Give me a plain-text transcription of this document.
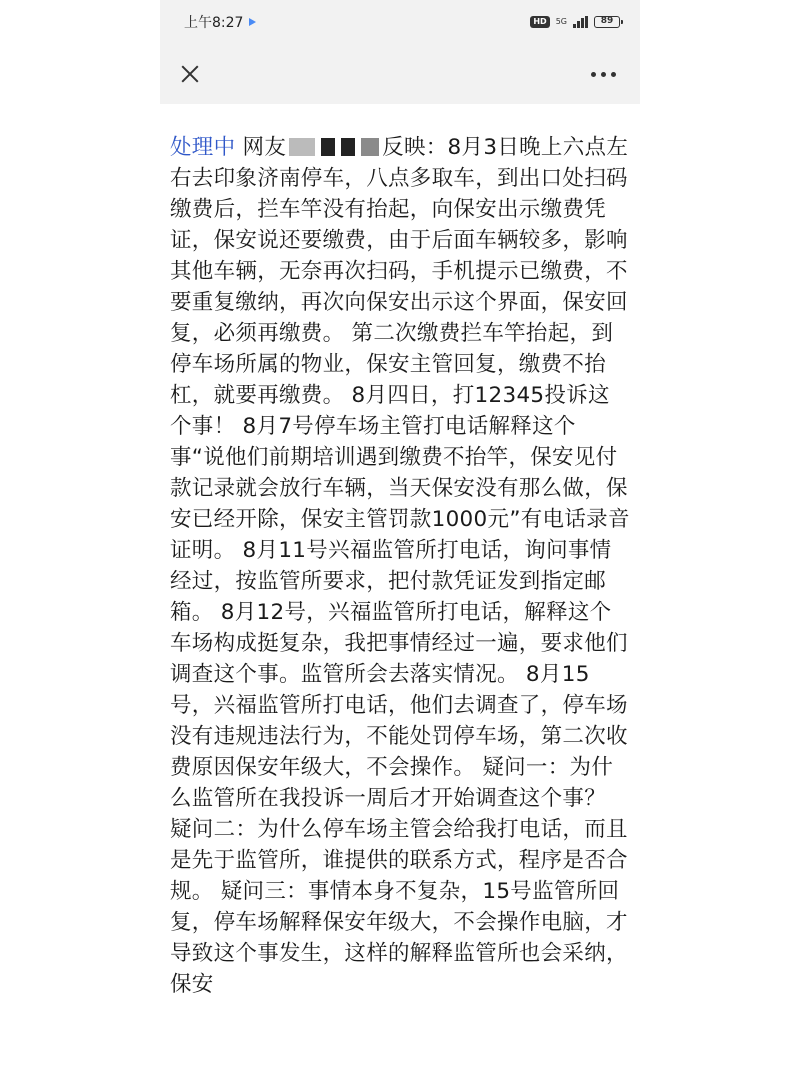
上午8:27	HD	5G	89
处理中 网友	反映：8月3日晚上六点左右去印象济南停车，八点多取车，到出口处扫码缴费后，拦车竿没有抬起，向保安出示缴费凭证，保安说还要缴费，由于后面车辆较多，影响其他车辆，无奈再次扫码，手机提示已缴费，不要重复缴纳，再次向保安出示这个界面，保安回复，必须再缴费。 第二次缴费拦车竿抬起，到停车场所属的物业，保安主管回复，缴费不抬杠，就要再缴费。 8月四日，打12345投诉这个事！ 8月7号停车场主管打电话解释这个事“说他们前期培训遇到缴费不抬竿，保安见付款记录就会放行车辆，当天保安没有那么做，保安已经开除，保安主管罚款1000元”有电话录音证明。 8月11号兴福监管所打电话，询问事情经过，按监管所要求，把付款凭证发到指定邮箱。 8月12号，兴福监管所打电话，解释这个车场构成挺复杂，我把事情经过一遍，要求他们调查这个事。监管所会去落实情况。 8月15号，兴福监管所打电话，他们去调查了，停车场没有违规违法行为，不能处罚停车场，第二次收费原因保安年级大，不会操作。 疑问一：为什么监管所在我投诉一周后才开始调查这个事？ 疑问二：为什么停车场主管会给我打电话，而且是先于监管所，谁提供的联系方式，程序是否合规。 疑问三：事情本身不复杂，15号监管所回复，停车场解释保安年级大，不会操作电脑，才导致这个事发生，这样的解释监管所也会采纳，保安
